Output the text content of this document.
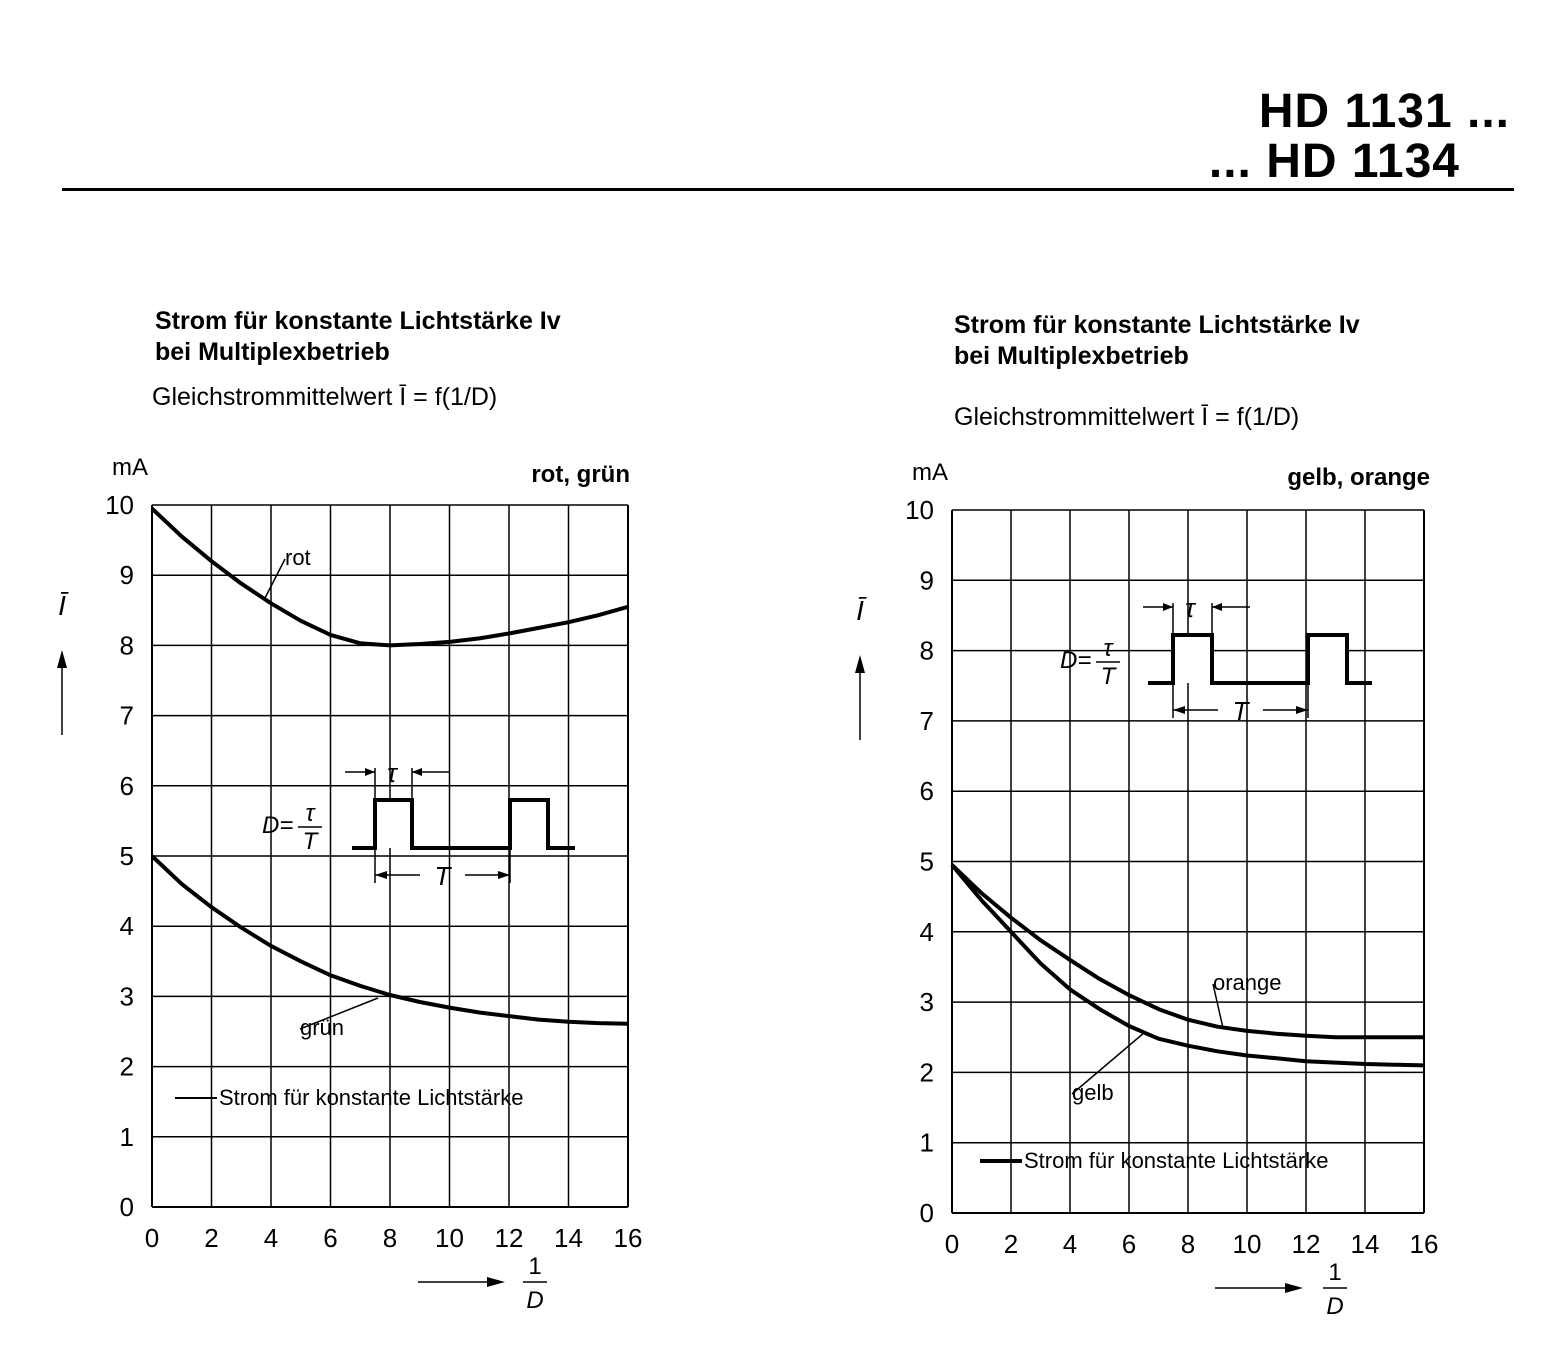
HD 1131 ...
... HD 1134
Strom für konstante Lichtstärke Iv
bei Multiplexbetrieb
Gleichstrommittelwert Ī = f(1/D)
Strom für konstante Lichtstärke Iv
bei Multiplexbetrieb
Gleichstrommittelwert Ī = f(1/D)
0 2 4 6 8 10 12 14 16
0
1
2
3
4
5
6
7
8
9
10
mA	rot, grün
rot
grün
Strom für konstante Lichtstärke
τ
T
D= τ
T
Ī
1
D
0 2 4 6 8 10 12 14 16
0
1
2
3
4
5
6
7
8
9
10
mA	gelb, orange
orange
gelb
Strom für konstante Lichtstärke
τ
T
D= τ
T
Ī
1
D
